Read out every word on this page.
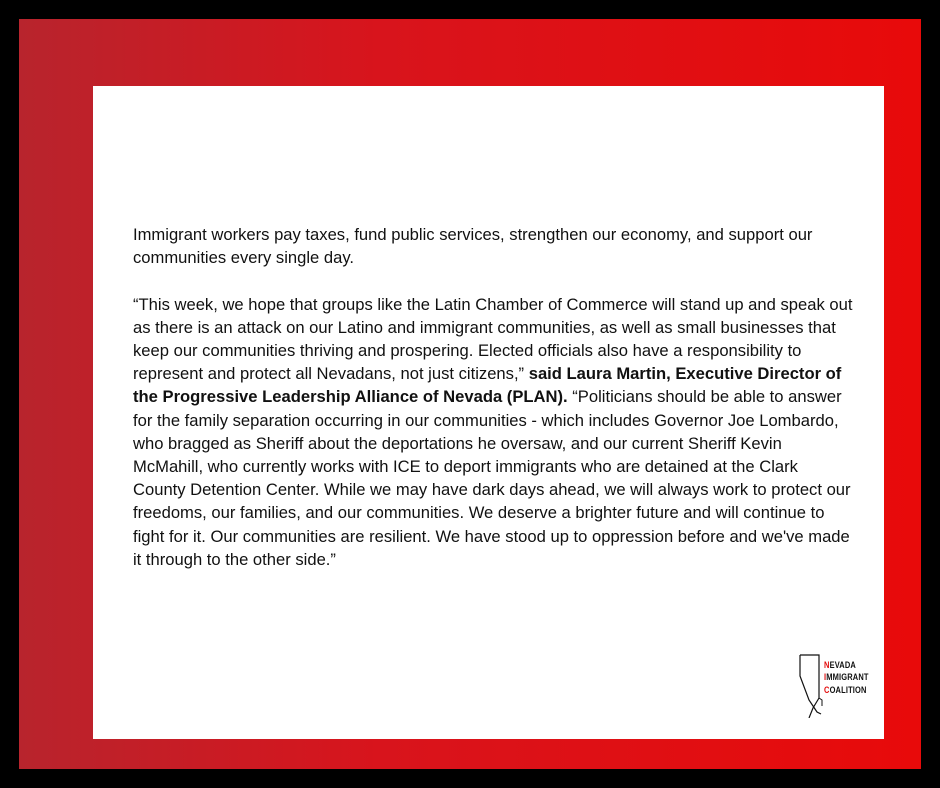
Immigrant workers pay taxes, fund public services, strengthen our economy, and support our communities every single day.

“This week, we hope that groups like the Latin Chamber of Commerce will stand up and speak out as there is an attack on our Latino and immigrant communities, as well as small businesses that keep our communities thriving and prospering. Elected officials also have a responsibility to represent and protect all Nevadans, not just citizens,” said Laura Martin, Executive Director of the Progressive Leadership Alliance of Nevada (PLAN). “Politicians should be able to answer for the family separation occurring in our communities - which includes Governor Joe Lombardo, who bragged as Sheriff about the deportations he oversaw, and our current Sheriff Kevin McMahill, who currently works with ICE to deport immigrants who are detained at the Clark County Detention Center. While we may have dark days ahead, we will always work to protect our freedoms, our families, and our communities. We deserve a brighter future and will continue to fight for it. Our communities are resilient. We have stood up to oppression before and we've made it through to the other side.”

NEVADA
IMMIGRANT
COALITION
